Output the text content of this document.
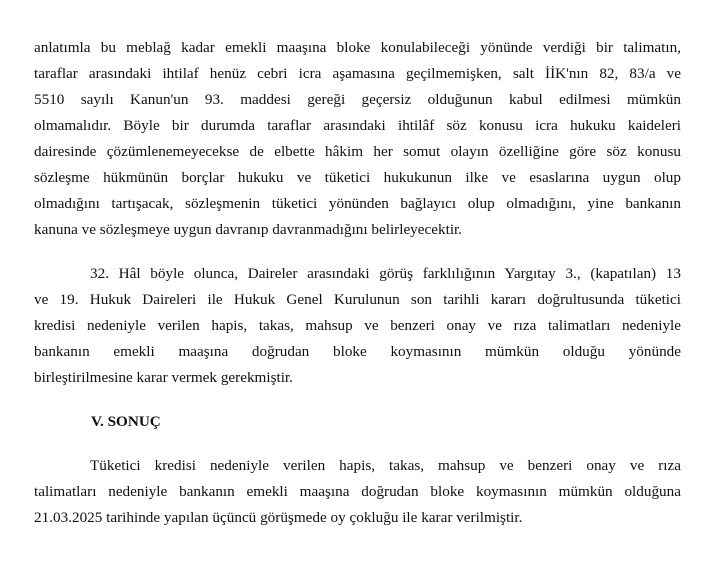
anlatımla bu meblağ kadar emekli maaşına bloke konulabileceği yönünde verdiği bir talimatın,
taraflar arasındaki ihtilaf henüz cebri icra aşamasına geçilmemişken, salt İİK'nın 82, 83/a ve
5510 sayılı Kanun'un 93. maddesi gereği geçersiz olduğunun kabul edilmesi mümkün
olmamalıdır. Böyle bir durumda taraflar arasındaki ihtilâf söz konusu icra hukuku kaideleri
dairesinde çözümlenemeyecekse de elbette hâkim her somut olayın özelliğine göre söz konusu
sözleşme hükmünün borçlar hukuku ve tüketici hukukunun ilke ve esaslarına uygun olup
olmadığını tartışacak, sözleşmenin tüketici yönünden bağlayıcı olup olmadığını, yine bankanın
kanuna ve sözleşmeye uygun davranıp davranmadığını belirleyecektir.
32. Hâl böyle olunca, Daireler arasındaki görüş farklılığının Yargıtay 3., (kapatılan) 13
ve 19. Hukuk Daireleri ile Hukuk Genel Kurulunun son tarihli kararı doğrultusunda tüketici
kredisi nedeniyle verilen hapis, takas, mahsup ve benzeri onay ve rıza talimatları nedeniyle
bankanın emekli maaşına doğrudan bloke koymasının mümkün olduğu yönünde
birleştirilmesine karar vermek gerekmiştir.
V. SONUÇ
Tüketici kredisi nedeniyle verilen hapis, takas, mahsup ve benzeri onay ve rıza
talimatları nedeniyle bankanın emekli maaşına doğrudan bloke koymasının mümkün olduğuna
21.03.2025 tarihinde yapılan üçüncü görüşmede oy çokluğu ile karar verilmiştir.
